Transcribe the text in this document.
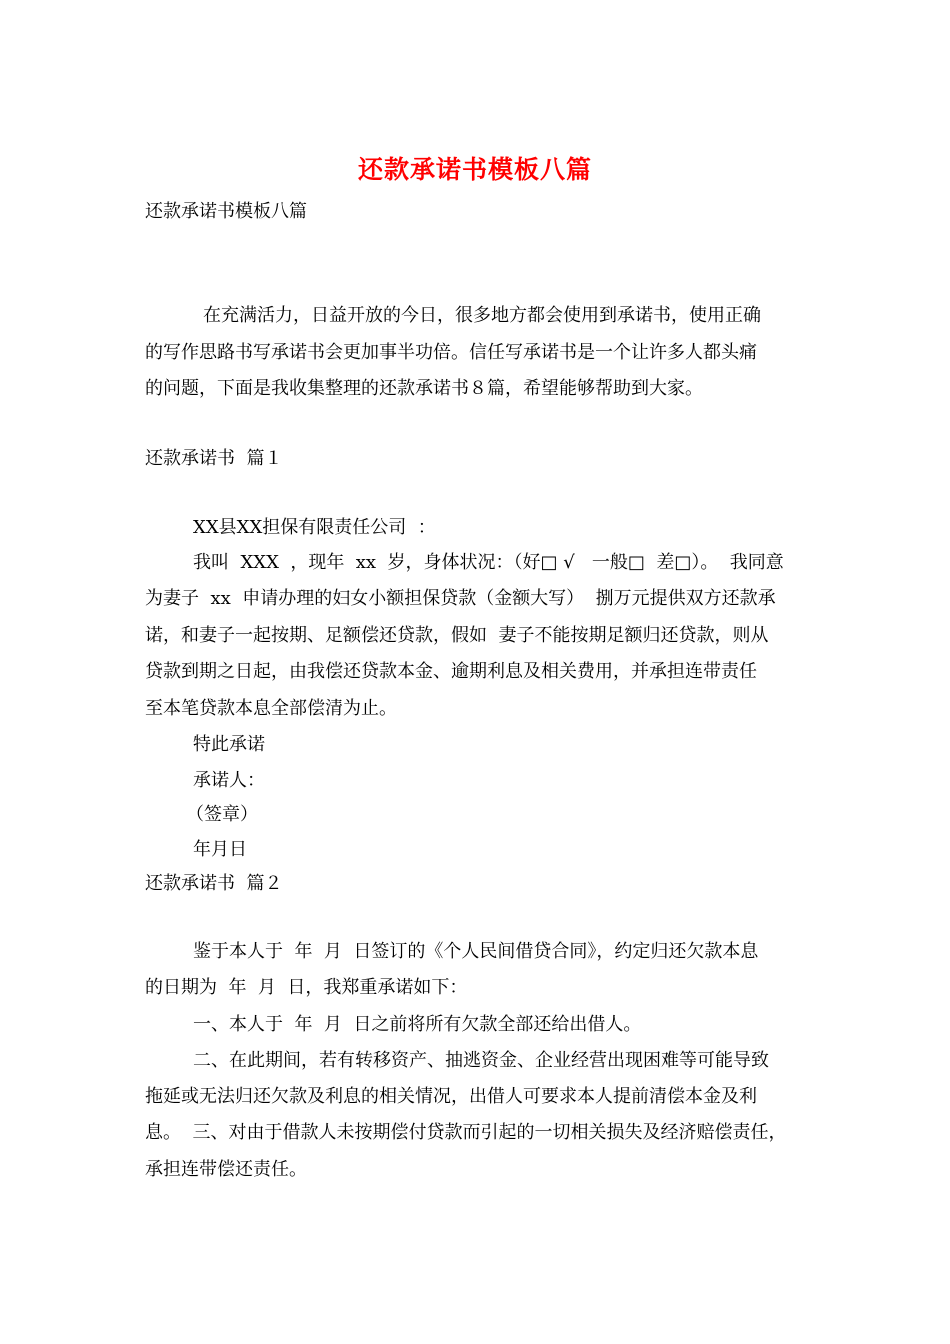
还款承诺书模板八篇
还款承诺书模板八篇
在充满活力，日益开放的今日，很多地方都会使用到承诺书，使用正确
的写作思路书写承诺书会更加事半功倍。信任写承诺书是一个让许多人都头痛
的问题，下面是我收集整理的还款承诺书８篇，希望能够帮助到大家。
还款承诺书  篇１
XX县XX担保有限责任公司  ：
我叫  XXX  ，现年  xx  岁，身体状况：（好□ √   一般□  差□）。  我同意
为妻子  xx  申请办理的妇女小额担保贷款（金额大写）  捌万元提供双方还款承
诺，和妻子一起按期、足额偿还贷款，假如  妻子不能按期足额归还贷款，则从
贷款到期之日起，由我偿还贷款本金、逾期利息及相关费用，并承担连带责任
至本笔贷款本息全部偿清为止。
特此承诺
承诺人：
（签章）
年月日
还款承诺书  篇２
鉴于本人于  年  月  日签订的《个人民间借贷合同》，约定归还欠款本息
的日期为  年  月  日，我郑重承诺如下：
一、本人于  年  月  日之前将所有欠款全部还给出借人。
二、在此期间，若有转移资产、抽逃资金、企业经营出现困难等可能导致
拖延或无法归还欠款及利息的相关情况，出借人可要求本人提前清偿本金及利
息。  三、对由于借款人未按期偿付贷款而引起的一切相关损失及经济赔偿责任，
承担连带偿还责任。
